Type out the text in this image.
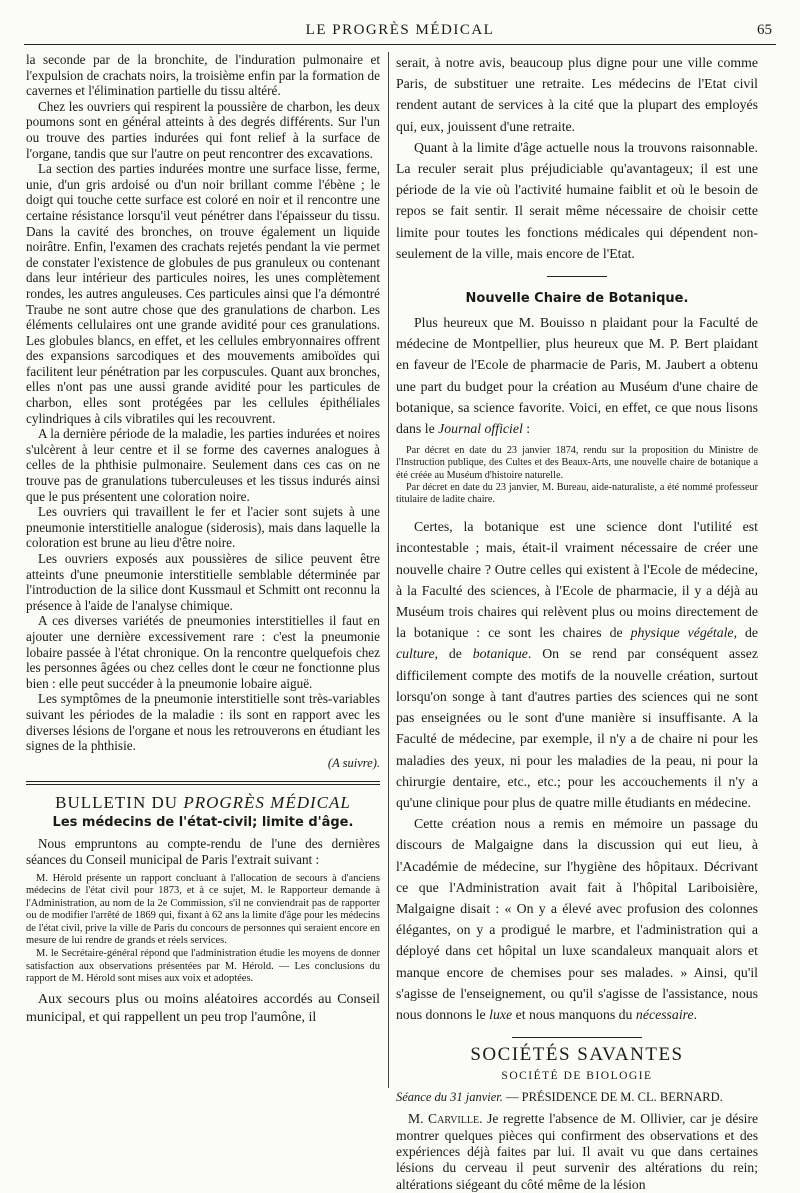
LE PROGRÈS MÉDICAL	65

la seconde par de la bronchite, de l'induration pulmonaire et l'expulsion de crachats noirs, la troisième enfin par la formation de cavernes et l'élimination partielle du tissu altéré.

Chez les ouvriers qui respirent la poussière de charbon, les deux poumons sont en général atteints à des degrés différents. Sur l'un ou trouve des parties indurées qui font relief à la surface de l'organe, tandis que sur l'autre on peut rencontrer des excavations.

La section des parties indurées montre une surface lisse, ferme, unie, d'un gris ardoisé ou d'un noir brillant comme l'ébène ; le doigt qui touche cette surface est coloré en noir et il rencontre une certaine résistance lorsqu'il veut pénétrer dans l'épaisseur du tissu. Dans la cavité des bronches, on trouve également un liquide noirâtre. Enfin, l'examen des crachats rejetés pendant la vie permet de constater l'existence de globules de pus granuleux ou contenant dans leur intérieur des particules noires, les unes complètement rondes, les autres anguleuses. Ces particules ainsi que l'a démontré Traube ne sont autre chose que des granulations de charbon. Les éléments cellulaires ont une grande avidité pour ces granulations. Les globules blancs, en effet, et les cellules embryonnaires offrent des expansions sarcodiques et des mouvements amiboïdes qui facilitent leur pénétration par les corpuscules. Quant aux bronches, elles n'ont pas une aussi grande avidité pour les particules de charbon, elles sont protégées par les cellules épithéliales cylindriques à cils vibratiles qui les recouvrent.

A la dernière période de la maladie, les parties indurées et noires s'ulcèrent à leur centre et il se forme des cavernes analogues à celles de la phthisie pulmonaire. Seulement dans ces cas on ne trouve pas de granulations tuberculeuses et les tissus indurés ainsi que le pus présentent une coloration noire.

Les ouvriers qui travaillent le fer et l'acier sont sujets à une pneumonie interstitielle analogue (siderosis), mais dans laquelle la coloration est brune au lieu d'être noire.

Les ouvriers exposés aux poussières de silice peuvent être atteints d'une pneumonie interstitielle semblable déterminée par l'introduction de la silice dont Kussmaul et Schmitt ont reconnu la présence à l'aide de l'analyse chimique.

A ces diverses variétés de pneumonies interstitielles il faut en ajouter une dernière excessivement rare : c'est la pneumonie lobaire passée à l'état chronique. On la rencontre quelquefois chez les personnes âgées ou chez celles dont le cœur ne fonctionne plus bien : elle peut succéder à la pneumonie lobaire aiguë.

Les symptômes de la pneumonie interstitielle sont très-variables suivant les périodes de la maladie : ils sont en rapport avec les diverses lésions de l'organe et nous les retrouverons en étudiant les signes de la phthisie.

(A suivre).
BULLETIN DU PROGRÈS MÉDICAL
Les médecins de l'état-civil; limite d'âge.

Nous empruntons au compte-rendu de l'une des dernières séances du Conseil municipal de Paris l'extrait suivant :

M. Hérold présente un rapport concluant à l'allocation de secours à d'anciens médecins de l'état civil pour 1873, et à ce sujet, M. le Rapporteur demande à l'Administration, au nom de la 2e Commission, s'il ne conviendrait pas de rapporter ou de modifier l'arrêté de 1869 qui, fixant à 62 ans la limite d'âge pour les médecins de l'état civil, prive la ville de Paris du concours de personnes qui seraient encore en mesure de lui rendre de grands et réels services.

M. le Secrétaire-général répond que l'administration étudie les moyens de donner satisfaction aux observations présentées par M. Hérold. — Les conclusions du rapport de M. Hérold sont mises aux voix et adoptées.

Aux secours plus ou moins aléatoires accordés au Conseil municipal, et qui rappellent un peu trop l'aumône, il

serait, à notre avis, beaucoup plus digne pour une ville comme Paris, de substituer une retraite. Les médecins de l'Etat civil rendent autant de services à la cité que la plupart des employés qui, eux, jouissent d'une retraite.

Quant à la limite d'âge actuelle nous la trouvons raisonnable. La reculer serait plus préjudiciable qu'avantageux; il est une période de la vie où l'activité humaine faiblit et où le besoin de repos se fait sentir. Il serait même nécessaire de choisir cette limite pour toutes les fonctions médicales qui dépendent non-seulement de la ville, mais encore de l'Etat.

Nouvelle Chaire de Botanique.

Plus heureux que M. Bouisso n plaidant pour la Faculté de médecine de Montpellier, plus heureux que M. P. Bert plaidant en faveur de l'Ecole de pharmacie de Paris, M. Jaubert a obtenu une part du budget pour la création au Muséum d'une chaire de botanique, sa science favorite. Voici, en effet, ce que nous lisons dans le Journal officiel :

Par décret en date du 23 janvier 1874, rendu sur la proposition du Ministre de l'Instruction publique, des Cultes et des Beaux-Arts, une nouvelle chaire de botanique a été créée au Muséum d'histoire naturelle.

Par décret en date du 23 janvier, M. Bureau, aide-naturaliste, a été nommé professeur titulaire de ladite chaire.

Certes, la botanique est une science dont l'utilité est incontestable ; mais, était-il vraiment nécessaire de créer une nouvelle chaire ? Outre celles qui existent à l'Ecole de médecine, à la Faculté des sciences, à l'Ecole de pharmacie, il y a déjà au Muséum trois chaires qui relèvent plus ou moins directement de la botanique : ce sont les chaires de physique végétale, de culture, de botanique. On se rend par conséquent assez difficilement compte des motifs de la nouvelle création, surtout lorsqu'on songe à tant d'autres parties des sciences qui ne sont pas enseignées ou le sont d'une manière si insuffisante. A la Faculté de médecine, par exemple, il n'y a de chaire ni pour les maladies des yeux, ni pour les maladies de la peau, ni pour la chirurgie dentaire, etc., etc.; pour les accouchements il n'y a qu'une clinique pour plus de quatre mille étudiants en médecine.

Cette création nous a remis en mémoire un passage du discours de Malgaigne dans la discussion qui eut lieu, à l'Académie de médecine, sur l'hygiène des hôpitaux. Décrivant ce que l'Administration avait fait à l'hôpital Lariboisière, Malgaigne disait : « On y a élevé avec profusion des colonnes élégantes, on y a prodigué le marbre, et l'administration qui a déployé dans cet hôpital un luxe scandaleux manquait alors et manque encore de chemises pour ses malades. » Ainsi, qu'il s'agisse de l'enseignement, ou qu'il s'agisse de l'assistance, nous nous donnons le luxe et nous manquons du nécessaire.

SOCIÉTÉS SAVANTES
SOCIÉTÉ DE BIOLOGIE
Séance du 31 janvier. — PRÉSIDENCE DE M. CL. BERNARD.

M. Carville. Je regrette l'absence de M. Ollivier, car je désire montrer quelques pièces qui confirment des observations et des expériences déjà faites par lui. Il avait vu que dans certaines lésions du cerveau il peut survenir des altérations du rein; altérations siégeant du côté même de la lésion
